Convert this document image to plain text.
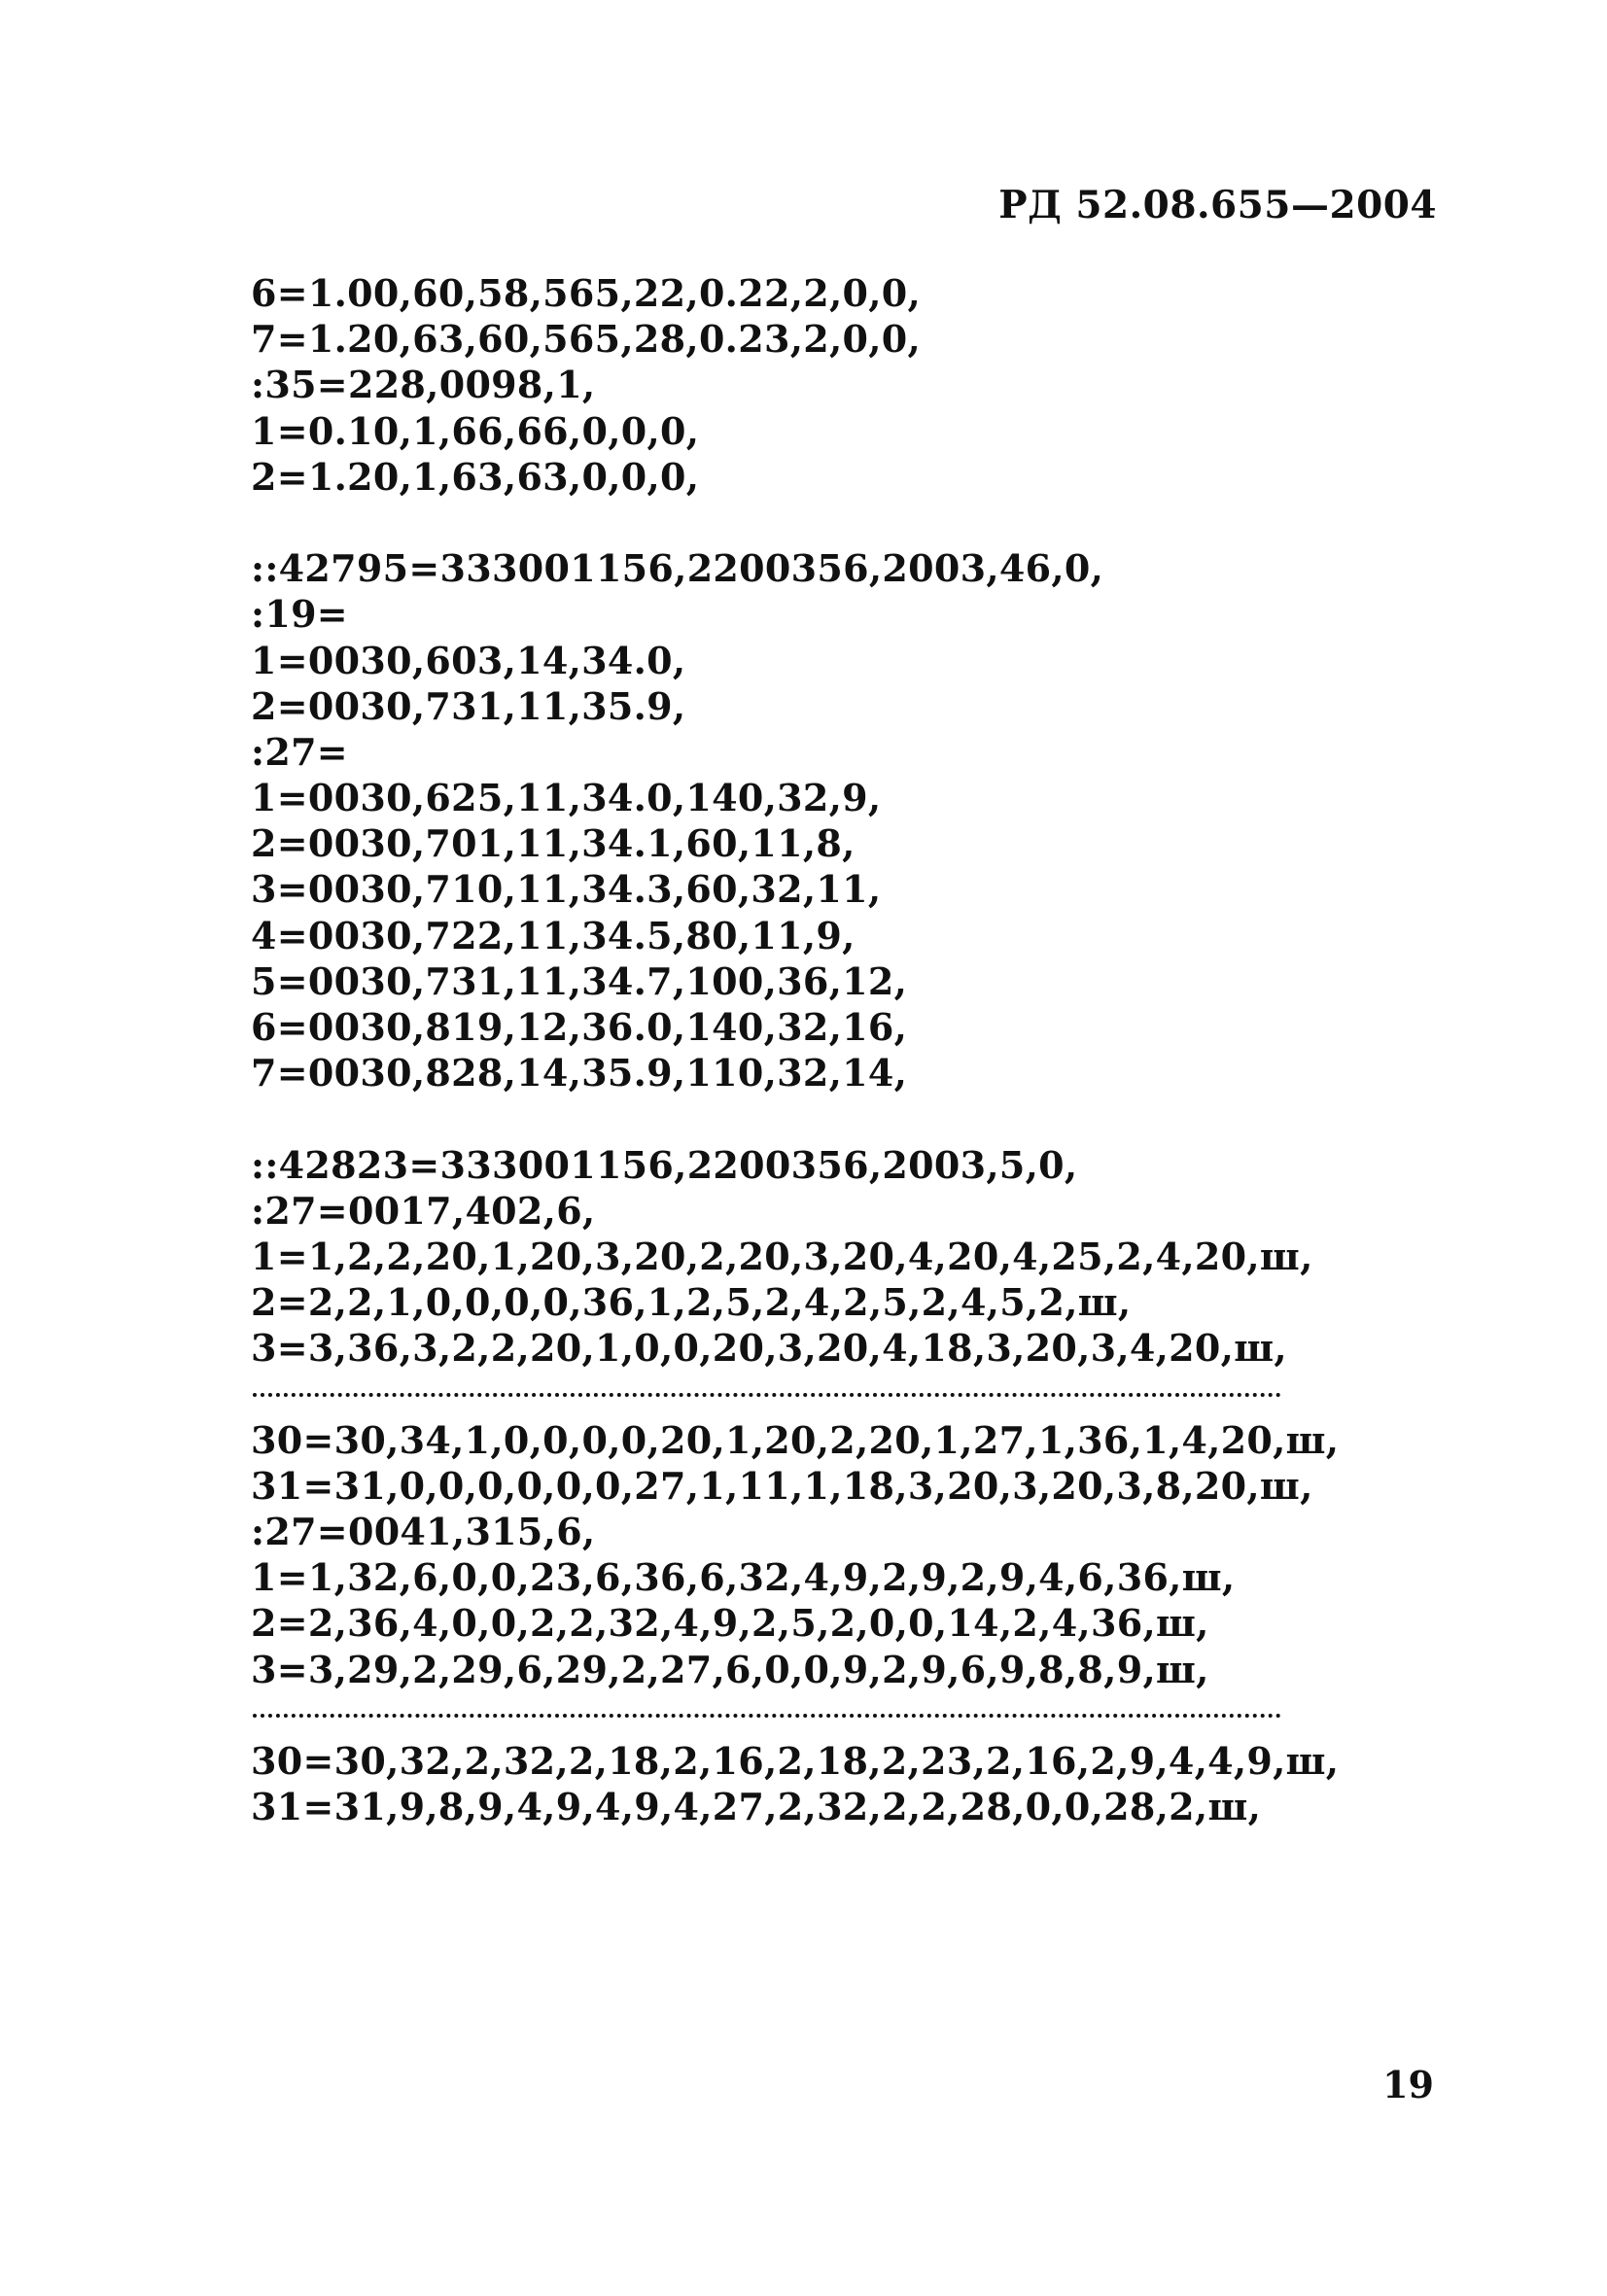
РД 52.08.655—2004
6=1.00,60,58,565,22,0.22,2,0,0,
7=1.20,63,60,565,28,0.23,2,0,0,
:35=228,0098,1,
1=0.10,1,66,66,0,0,0,
2=1.20,1,63,63,0,0,0,
::42795=333001156,2200356,2003,46,0,
:19=
1=0030,603,14,34.0,
2=0030,731,11,35.9,
:27=
1=0030,625,11,34.0,140,32,9,
2=0030,701,11,34.1,60,11,8,
3=0030,710,11,34.3,60,32,11,
4=0030,722,11,34.5,80,11,9,
5=0030,731,11,34.7,100,36,12,
6=0030,819,12,36.0,140,32,16,
7=0030,828,14,35.9,110,32,14,
::42823=333001156,2200356,2003,5,0,
:27=0017,402,6,
1=1,2,2,20,1,20,3,20,2,20,3,20,4,20,4,25,2,4,20,ш,
2=2,2,1,0,0,0,0,36,1,2,5,2,4,2,5,2,4,5,2,ш,
3=3,36,3,2,2,20,1,0,0,20,3,20,4,18,3,20,3,4,20,ш,
30=30,34,1,0,0,0,0,20,1,20,2,20,1,27,1,36,1,4,20,ш,
31=31,0,0,0,0,0,0,27,1,11,1,18,3,20,3,20,3,8,20,ш,
:27=0041,315,6,
1=1,32,6,0,0,23,6,36,6,32,4,9,2,9,2,9,4,6,36,ш,
2=2,36,4,0,0,2,2,32,4,9,2,5,2,0,0,14,2,4,36,ш,
3=3,29,2,29,6,29,2,27,6,0,0,9,2,9,6,9,8,8,9,ш,
30=30,32,2,32,2,18,2,16,2,18,2,23,2,16,2,9,4,4,9,ш,
31=31,9,8,9,4,9,4,9,4,27,2,32,2,2,28,0,0,28,2,ш,
19
